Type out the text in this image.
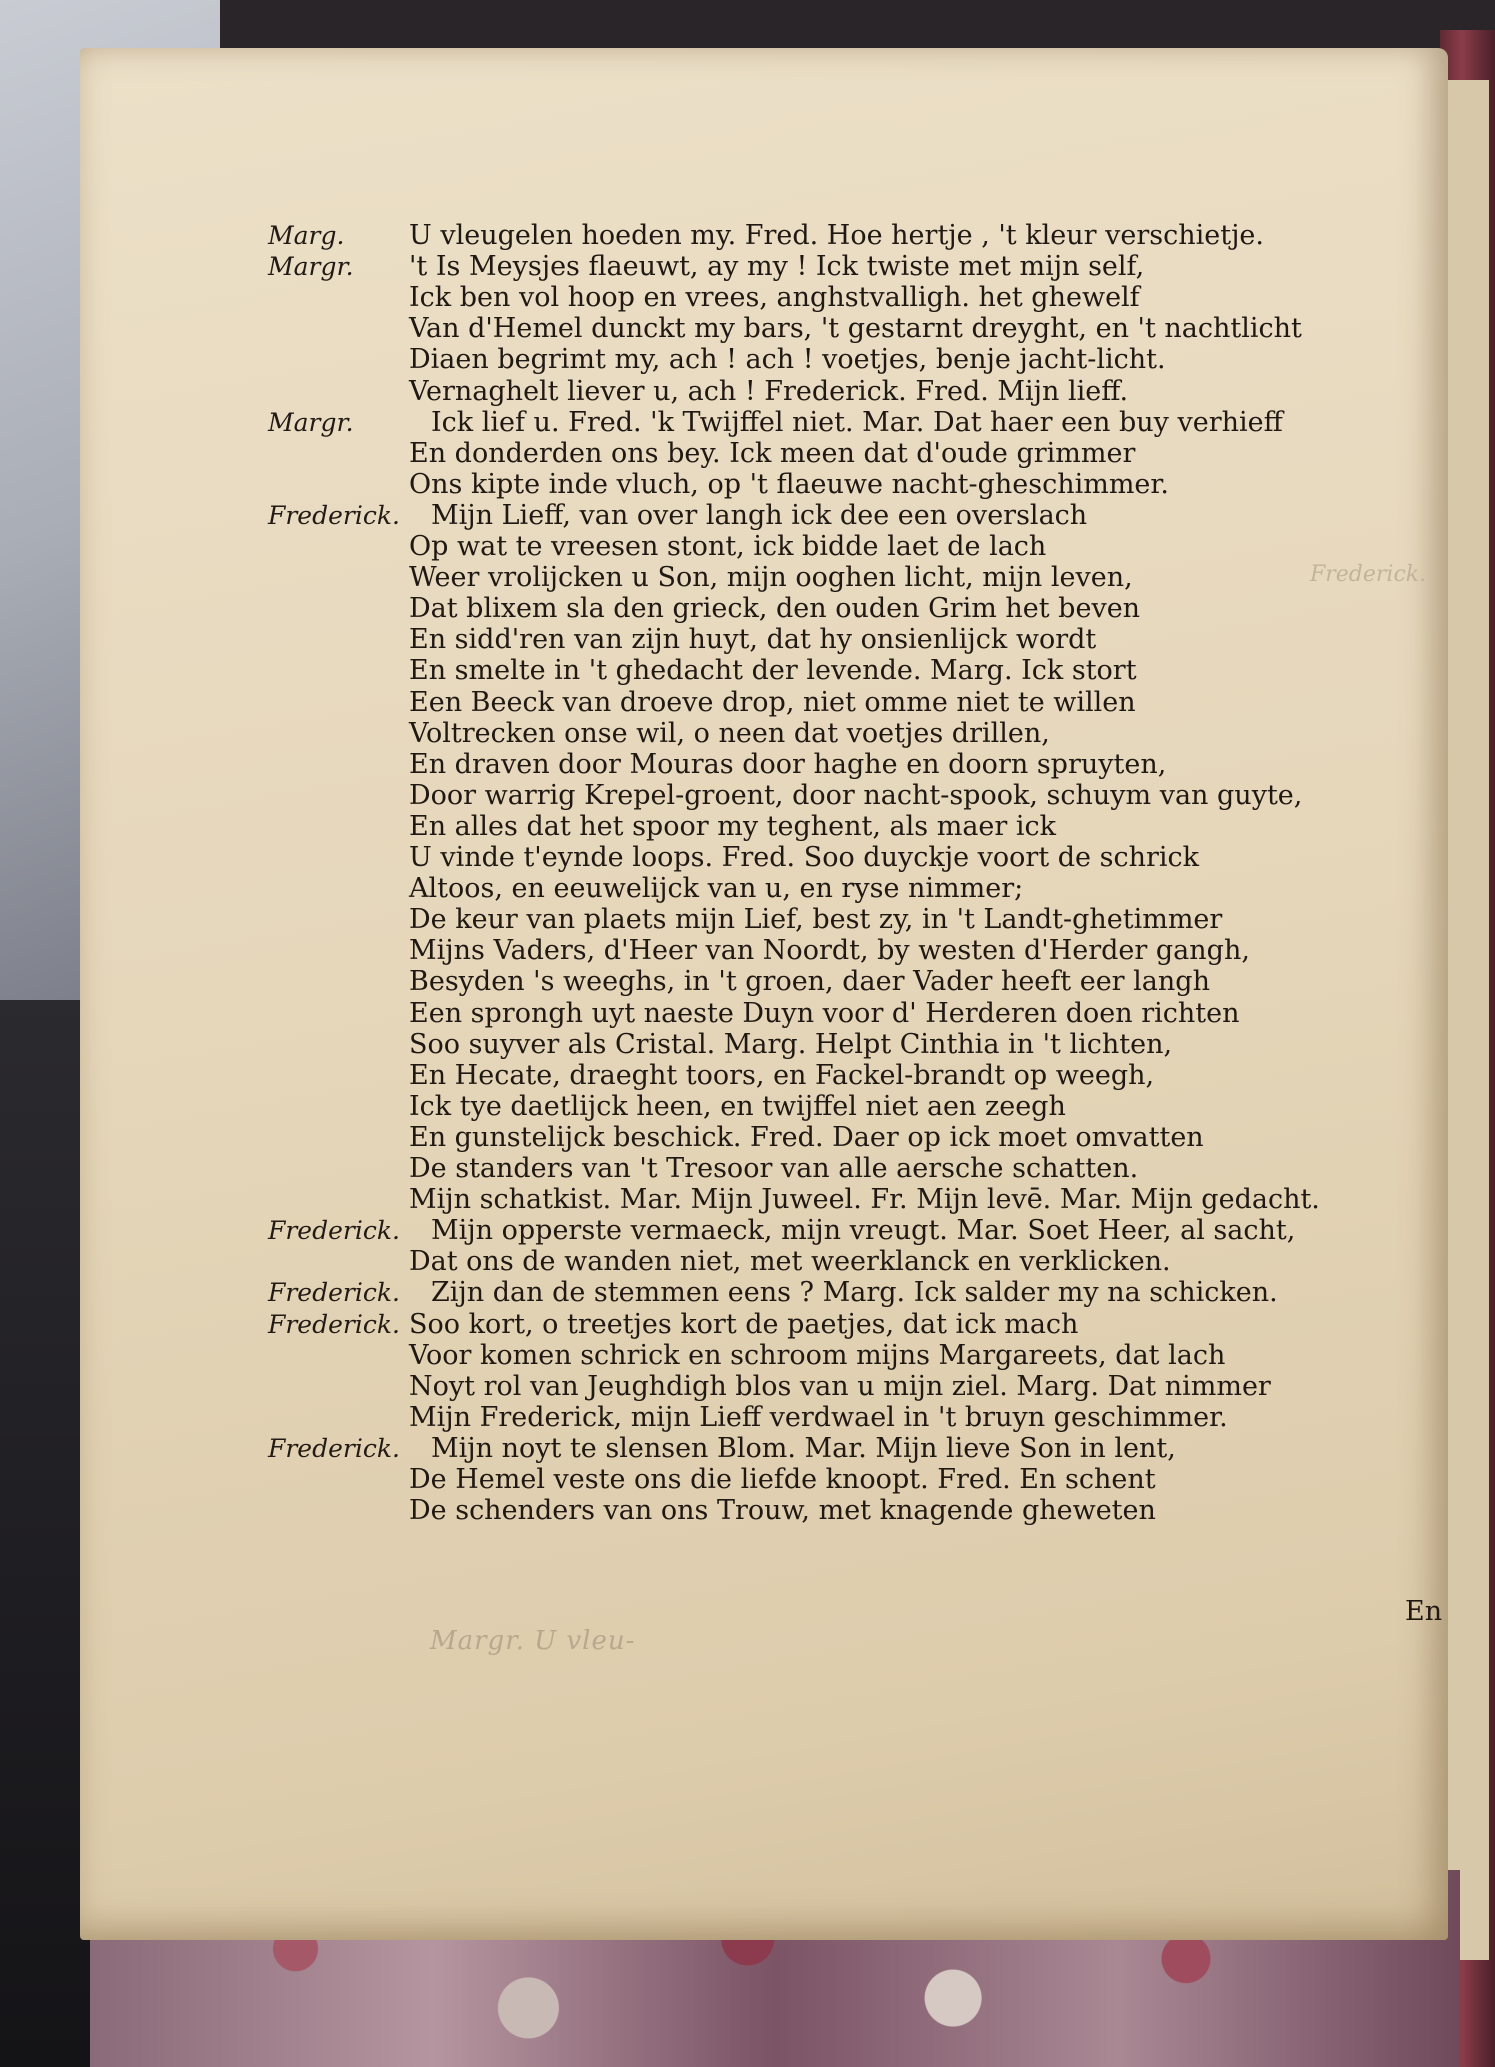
Frederick.
Marg. U vleugelen hoeden my. Fred. Hoe hertje , 't kleur verschietje.
Margr. 't Is Meysjes flaeuwt, ay my ! Ick twiste met mijn self,
Ick ben vol hoop en vrees, anghstvalligh. het ghewelf
Van d'Hemel dunckt my bars, 't gestarnt dreyght, en 't nachtlicht
Diaen begrimt my, ach ! ach ! voetjes, benje jacht-licht.
Vernaghelt liever u, ach ! Frederick. Fred. Mijn lieff.
Margr.	Ick lief u. Fred. 'k Twijffel niet. Mar. Dat haer een buy verhieff
En donderden ons bey. Ick meen dat d'oude grimmer
Ons kipte inde vluch, op 't flaeuwe nacht-gheschimmer.
Frederick. Mijn Lieff, van over langh ick dee een overslach
Op wat te vreesen stont, ick bidde laet de lach
Weer vrolijcken u Son, mijn ooghen licht, mijn leven,
Dat blixem sla den grieck, den ouden Grim het beven
En sidd'ren van zijn huyt, dat hy onsienlijck wordt
En smelte in 't ghedacht der levende. Marg. Ick stort
Een Beeck van droeve drop, niet omme niet te willen
Voltrecken onse wil, o neen dat voetjes drillen,
En draven door Mouras door haghe en doorn spruyten,
Door warrig Krepel-groent, door nacht-spook, schuym van guyte,
En alles dat het spoor my teghent, als maer ick
U vinde t'eynde loops. Fred. Soo duyckje voort de schrick
Altoos, en eeuwelijck van u, en ryse nimmer;
De keur van plaets mijn Lief, best zy, in 't Landt-ghetimmer
Mijns Vaders, d'Heer van Noordt, by westen d'Herder gangh,
Besyden 's weeghs, in 't groen, daer Vader heeft eer langh
Een sprongh uyt naeste Duyn voor d' Herderen doen richten
Soo suyver als Cristal. Marg. Helpt Cinthia in 't lichten,
En Hecate, draeght toors, en Fackel-brandt op weegh,
Ick tye daetlijck heen, en twijffel niet aen zeegh
En gunstelijck beschick. Fred. Daer op ick moet omvatten
De standers van 't Tresoor van alle aersche schatten.
Mijn schatkist. Mar. Mijn Juweel. Fr. Mijn levē. Mar. Mijn gedacht.
Frederick. Mijn opperste vermaeck, mijn vreugt. Mar. Soet Heer, al sacht,
Dat ons de wanden niet, met weerklanck en verklicken.
Frederick. Zijn dan de stemmen eens ? Marg. Ick salder my na schicken.
Frederick. Soo kort, o treetjes kort de paetjes, dat ick mach
Voor komen schrick en schroom mijns Margareets, dat lach
Noyt rol van Jeughdigh blos van u mijn ziel. Marg. Dat nimmer
Mijn Frederick, mijn Lieff verdwael in 't bruyn geschimmer.
Frederick. Mijn noyt te slensen Blom. Mar. Mijn lieve Son in lent,
De Hemel veste ons die liefde knoopt. Fred. En schent
De schenders van ons Trouw, met knagende gheweten
Margr. U vleu-
En
